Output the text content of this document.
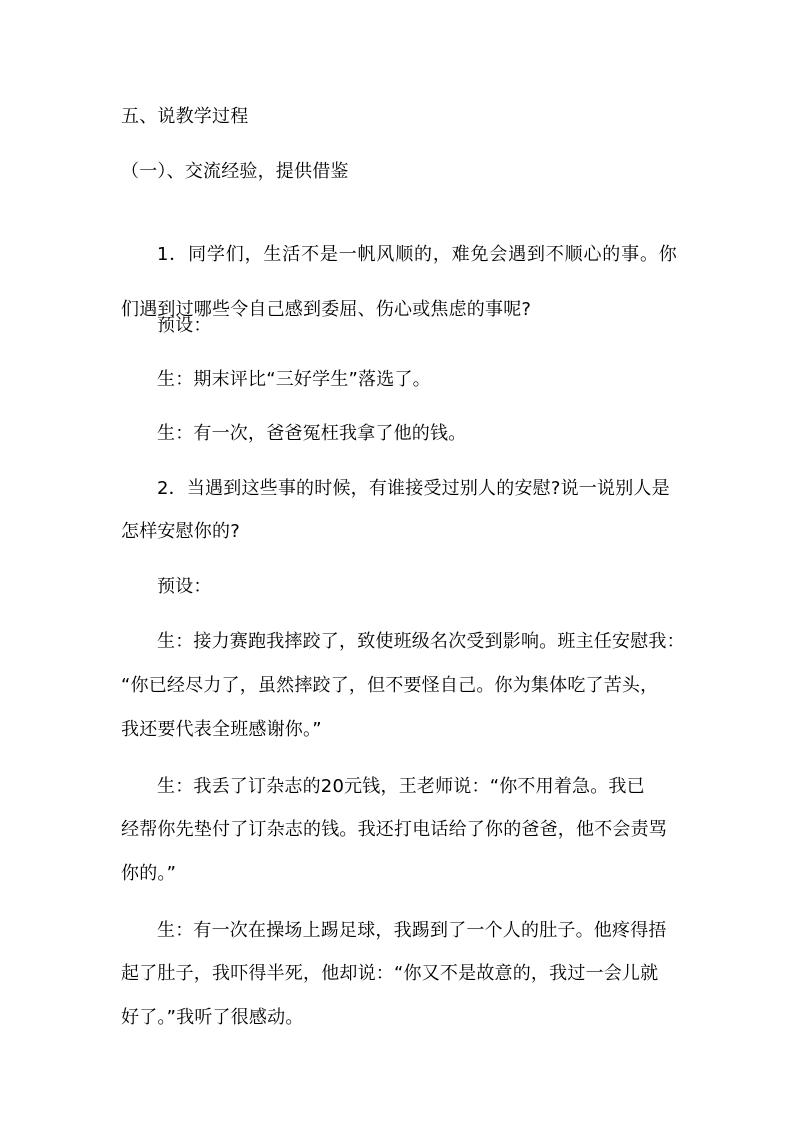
五、说教学过程
（一）、交流经验，提供借鉴
1．同学们，生活不是一帆风顺的，难免会遇到不顺心的事。你
们遇到过哪些令自己感到委屈、伤心或焦虑的事呢?
预设：
生：期末评比“三好学生”落选了。
生：有一次，爸爸冤枉我拿了他的钱。
2．当遇到这些事的时候，有谁接受过别人的安慰?说一说别人是
怎样安慰你的?
预设：
生：接力赛跑我摔跤了，致使班级名次受到影响。班主任安慰我：
“你已经尽力了，虽然摔跤了，但不要怪自己。你为集体吃了苦头，
我还要代表全班感谢你。”
生：我丢了订杂志的20元钱，王老师说：“你不用着急。我已
经帮你先垫付了订杂志的钱。我还打电话给了你的爸爸，他不会责骂
你的。”
生：有一次在操场上踢足球，我踢到了一个人的肚子。他疼得捂
起了肚子，我吓得半死，他却说：“你又不是故意的，我过一会儿就
好了。”我听了很感动。
